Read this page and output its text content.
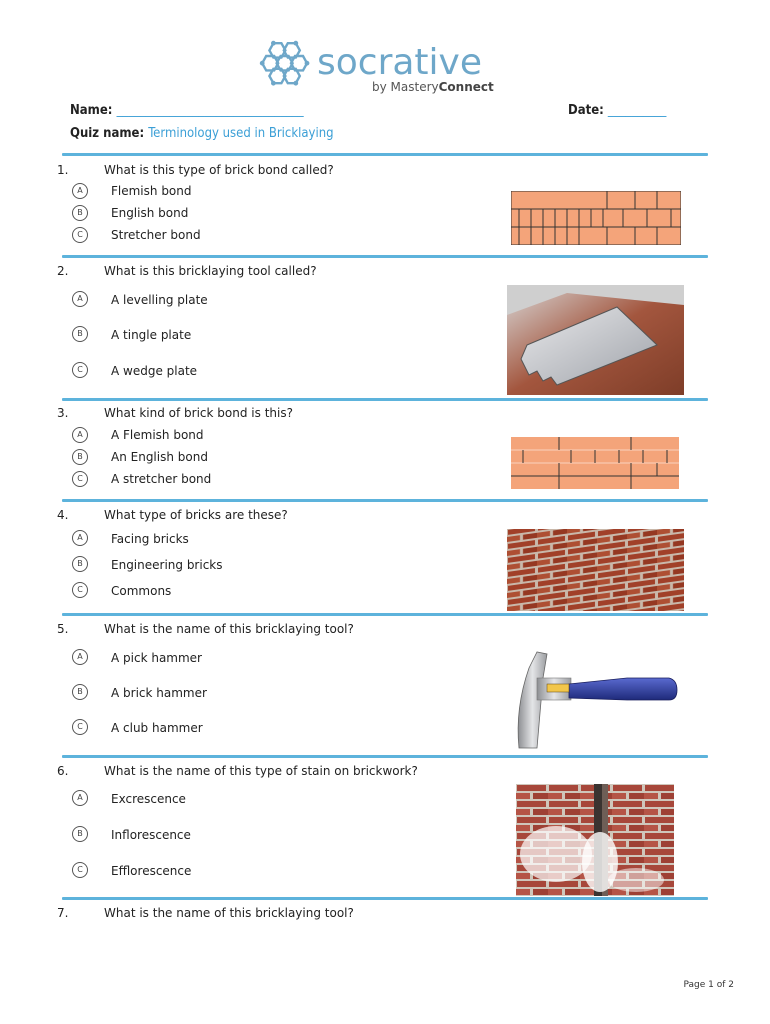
socrative
by MasteryConnect
Name: ________________________________	Date: __________
Quiz name: Terminology used in Bricklaying
1.	What is this type of brick bond called?
A	Flemish bond
B	English bond
C	Stretcher bond
2.	What is this bricklaying tool called?
A	A levelling plate
B	A tingle plate
C	A wedge plate
3.	What kind of brick bond is this?
A	A Flemish bond
B	An English bond
C	A stretcher bond
4.	What type of bricks are these?
A	Facing bricks
B	Engineering bricks
C	Commons
5.	What is the name of this bricklaying tool?
A	A pick hammer
B	A brick hammer
C	A club hammer
6.	What is the name of this type of stain on brickwork?
A	Excrescence
B	Inflorescence
C	Efflorescence
7.	What is the name of this bricklaying tool?
Page 1 of 2
